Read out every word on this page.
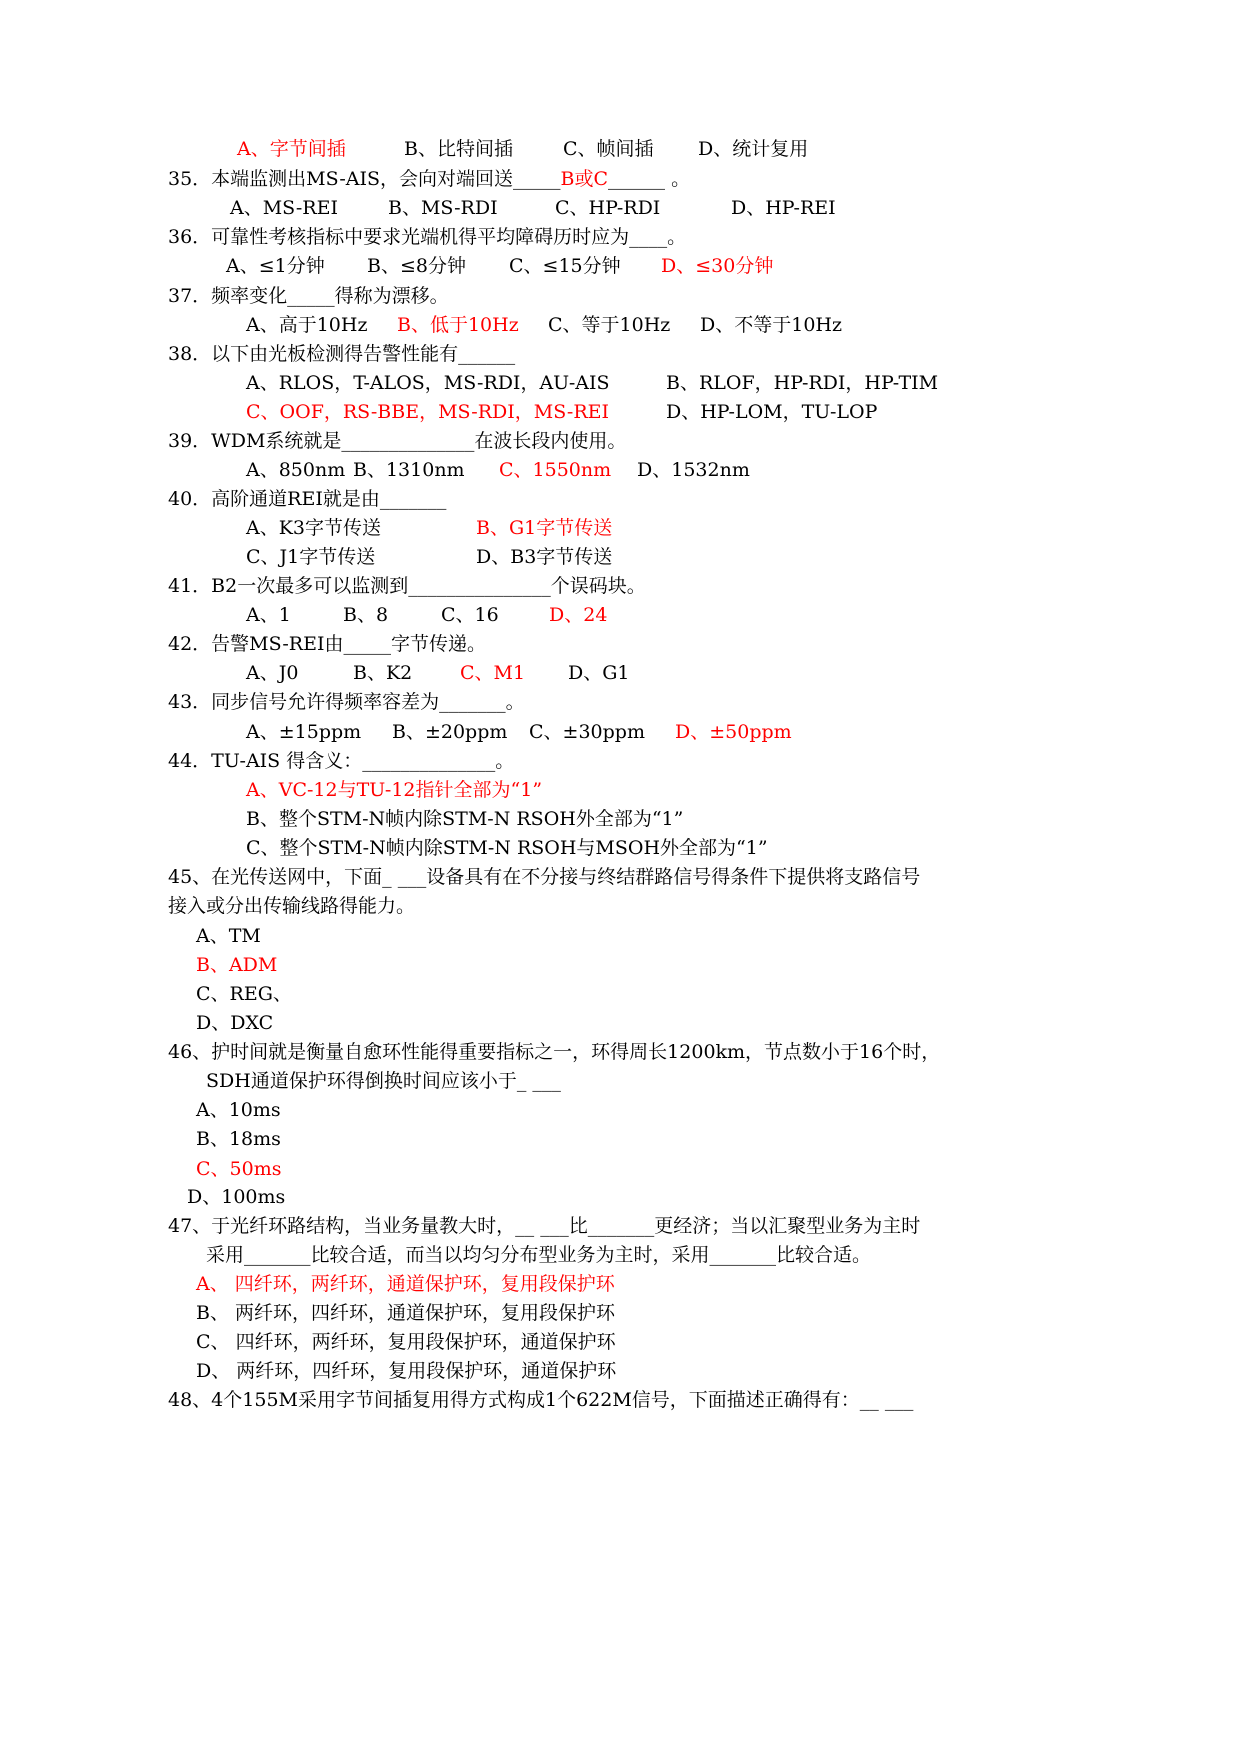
A、字节间插	B、比特间插	C、帧间插 D、统计复用
35．本端监测出MS-AIS，会向对端回送_____B或C______ 。
A、MS-REI	B、MS-RDI	C、HP-RDI	D、HP-REI
36．可靠性考核指标中要求光端机得平均障碍历时应为____。
A、≤1分钟 B、≤8分钟 C、≤15分钟 D、≤30分钟
37．频率变化_____得称为漂移。
A、高于10Hz B、低于10Hz C、等于10Hz D、不等于10Hz
38．以下由光板检测得告警性能有______
A、RLOS，T-ALOS，MS-RDI，AU-AIS	B、RLOF，HP-RDI，HP-TIM
C、OOF，RS-BBE，MS-RDI，MS-REI	D、HP-LOM，TU-LOP
39．WDM系统就是______________在波长段内使用。
A、850nm B、1310nm C、1550nm D、1532nm
40．高阶通道REI就是由_______
A、K3字节传送	B、G1字节传送
C、J1字节传送	D、B3字节传送
41．B2一次最多可以监测到_______________个误码块。
A、1	B、8	C、16	D、24
42．告警MS-REI由_____字节传递。
A、J0	B、K2	C、M1 D、G1
43．同步信号允许得频率容差为_______。
A、±15ppm B、±20ppm C、±30ppm D、±50ppm
44．TU-AIS 得含义：______________。
A、VC-12与TU-12指针全部为“1”
B、整个STM-N帧内除STM-N RSOH外全部为“1”
C、整个STM-N帧内除STM-N RSOH与MSOH外全部为“1”
45、在光传送网中，下面_ ___设备具有在不分接与终结群路信号得条件下提供将支路信号
接入或分出传输线路得能力。
A、TM
B、ADM
C、REG、
D、DXC
46、护时间就是衡量自愈环性能得重要指标之一，环得周长1200km，节点数小于16个时，
SDH通道保护环得倒换时间应该小于_ ___
A、10ms
B、18ms
C、50ms
D、100ms
47、于光纤环路结构，当业务量教大时，__ ___比_______更经济；当以汇聚型业务为主时
采用_______比较合适，而当以均匀分布型业务为主时，采用_______比较合适。
A、 四纤环，两纤环，通道保护环，复用段保护环
B、 两纤环，四纤环，通道保护环，复用段保护环
C、 四纤环，两纤环，复用段保护环，通道保护环
D、 两纤环，四纤环，复用段保护环，通道保护环
48、4个155M采用字节间插复用得方式构成1个622M信号，下面描述正确得有：__ ___
